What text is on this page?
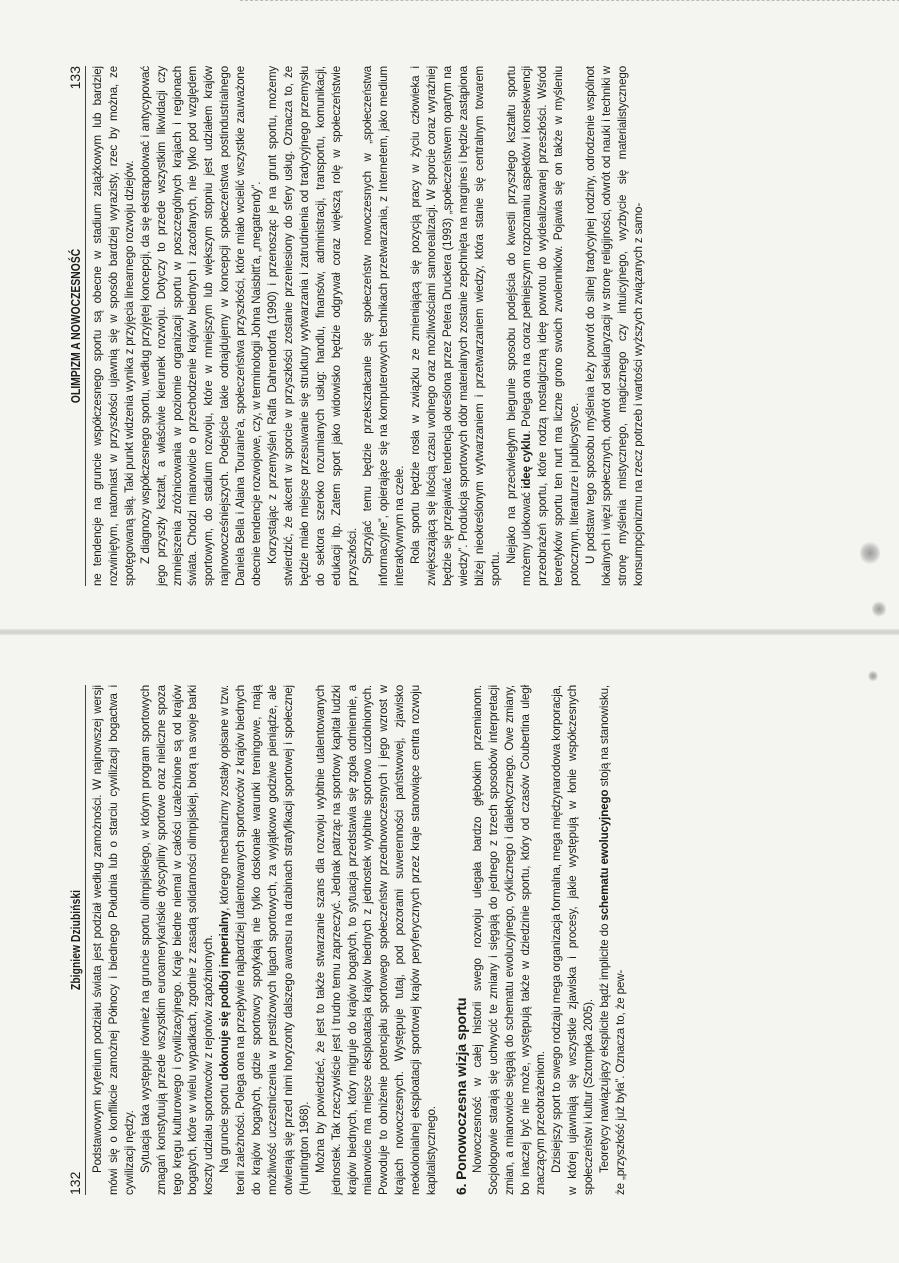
132
Zbigniew Dziubiński Podstawowym kryterium podziału świata jest podział według zamożności. W najnowszej wersji mówi się o konflikcie zamożnej Północy i biednego Południa lub o starciu cywilizacji bogactwa i cywilizacji nędzy. Sytuacja taka występuje również na gruncie sportu olimpijskiego, w którym program sportowych zmagań konstytuują przede wszystkim euroamerykańskie dyscypliny sportowe oraz nieliczne spoza tego kręgu kulturowego i cywilizacyjnego. Kraje biedne niemal w całości uzależnione są od krajów bogatych, które w wielu wypadkach, zgodnie z zasadą solidarności olimpijskiej, biorą na swoje barki koszty udziału sportowców z rejonów zapóźnionych. Na gruncie sportu dokonuje się podbój imperialny, którego mechanizmy zostały opisane w tzw. teorii zależności. Polega ona na przepływie najbardziej utalentowanych sportowców z krajów biednych do krajów bogatych, gdzie sportowcy spotykają nie tylko doskonałe warunki treningowe, mają możliwość uczestniczenia w prestiżowych ligach sportowych, za wyjątkowo godziwe pieniądze, ale otwierają się przed nimi horyzonty dalszego awansu na drabinach stratyfikacji sportowej i społecznej (Huntington 1968). Można by powiedzieć, że jest to także stwarzanie szans dla rozwoju wybitnie utalentowanych jednostek. Tak rzeczywiście jest i trudno temu zaprzeczyć. Jednak patrząc na sportowy kapitał ludzki krajów biednych, który migruje do krajów bogatych, to sytuacja przedstawia się zgoła odmiennie, a mianowicie ma miejsce eksploatacja krajów biednych z jednostek wybitnie sportowo uzdolnionych. Powoduje to obniżenie potencjału sportowego społeczeństw przednowoczesnych i jego wzrost w krajach nowoczesnych. Występuje tutaj, pod pozorami suwerenności państwowej, zjawisko neokolonialnej eksploatacji sportowej krajów peryferycznych przez kraje stanowiące centra rozwoju kapitalistycznego. 6. Ponowoczesna wizja sportu Nowoczesność w całej historii swego rozwoju ulegała bardzo głębokim przemianom. Socjologowie starają się uchwycić te zmiany i sięgają do jednego z trzech sposobów interpretacji zmian, a mianowicie sięgają do schematu ewolucyjnego, cyklicznego i dialektycznego. Owe zmiany, bo inaczej być nie może, występują także w dziedzinie sportu, który od czasów Coubertina uległ znaczącym przeobrażeniom. Dzisiejszy sport to swego rodzaju mega organizacja formalna, mega międzynarodowa korporacja, w której ujawniają się wszystkie zjawiska i procesy, jakie występują w łonie współczesnych społeczeństw i kultur (Sztompka 2005). Teoretycy nawiązujący eksplicite bądź implicite do schematu ewolucyjnego stoją na stanowisku, że „przyszłość już była”. Oznacza to, że pew-

OLIMPIZM A NOWOCZESNOŚĆ
133 ne tendencje na gruncie współczesnego sportu są obecne w stadium zalążkowym lub bardziej rozwiniętym, natomiast w przyszłości ujawnią się w sposób bardziej wyrazisty, rzec by można, ze spotęgowaną siłą. Taki punkt widzenia wynika z przyjęcia linearnego rozwoju dziejów. Z diagnozy współczesnego sportu, według przyjętej koncepcji, da się ekstrapolować i antycypować jego przyszły kształt, a właściwie kierunek rozwoju. Dotyczy to przede wszystkim likwidacji czy zmniejszenia zróżnicowania w poziomie organizacji sportu w poszczególnych krajach i regionach świata. Chodzi mianowicie o przechodzenie krajów biednych i zacofanych, nie tylko pod względem sportowym, do stadium rozwoju, które w mniejszym lub większym stopniu jest udziałem krajów najnowocześniejszych. Podejście takie odnajdujemy w koncepcji społeczeństwa postindustrialnego Daniela Bella i Alaina Touraine'a, społeczeństwa przyszłości, które miało wcielić wszystkie zauważone obecnie tendencje rozwojowe, czy, w terminologii Johna Naisbitt'a, „megatrendy”. Korzystając z przemyśleń Ralfa Dahrendorfa (1990) i przenosząc je na grunt sportu, możemy stwierdzić, że akcent w sporcie w przyszłości zostanie przeniesiony do sfery usług. Oznacza to, że będzie miało miejsce przesuwanie się struktury wytwarzania i zatrudnienia od tradycyjnego przemysłu do sektora szeroko rozumianych usług: handlu, finansów, administracji, transportu, komunikacji, edukacji itp. Zatem sport jako widowisko będzie odgrywał coraz większą rolę w społeczeństwie przyszłości. Sprzyjać temu będzie przekształcanie się społeczeństw nowoczesnych w „społeczeństwa informacyjne”, opierające się na komputerowych technikach przetwarzania, z Internetem, jako medium interaktywnym na czele. Rola sportu będzie rosła w związku ze zmieniającą się pozycją pracy w życiu człowieka i zwiększającą się ilością czasu wolnego oraz możliwościami samorealizacji. W sporcie coraz wyraźniej będzie się przejawiać tendencja określona przez Petera Druckera (1993) „społeczeństwem opartym na wiedzy”. Produkcja sportowych dóbr materialnych zostanie zepchnięta na margines i będzie zastąpiona bliżej nieokreślonym wytwarzaniem i przetwarzaniem wiedzy, która stanie się centralnym towarem sportu.

Niejako na przeciwległym biegunie sposobu podejścia do kwestii przyszłego kształtu sportu możemy ulokować ideę cyklu. Polega ona na coraz pełniejszym rozpoznaniu aspektów i konsekwencji przeobrażeń sportu, które rodzą nostalgiczną ideę powrotu do wyidealizowanej przeszłości. Wśród teoretyków sportu ten nurt ma liczne grono swoich zwolenników. Pojawia się on także w myśleniu potocznym, literaturze i publicystyce. U podstaw tego sposobu myślenia leży powrót do silnej tradycyjnej rodziny, odrodzenie wspólnot lokalnych i więzi społecznych, odwrót od sekularyzacji w stronę religijności, odwrót od nauki i techniki w stronę myślenia mistycznego, magicznego czy intuicyjnego, wyzbycie się materialistycznego konsumpcjonizmu na rzecz potrzeb i wartości wyższych związanych z samo-
